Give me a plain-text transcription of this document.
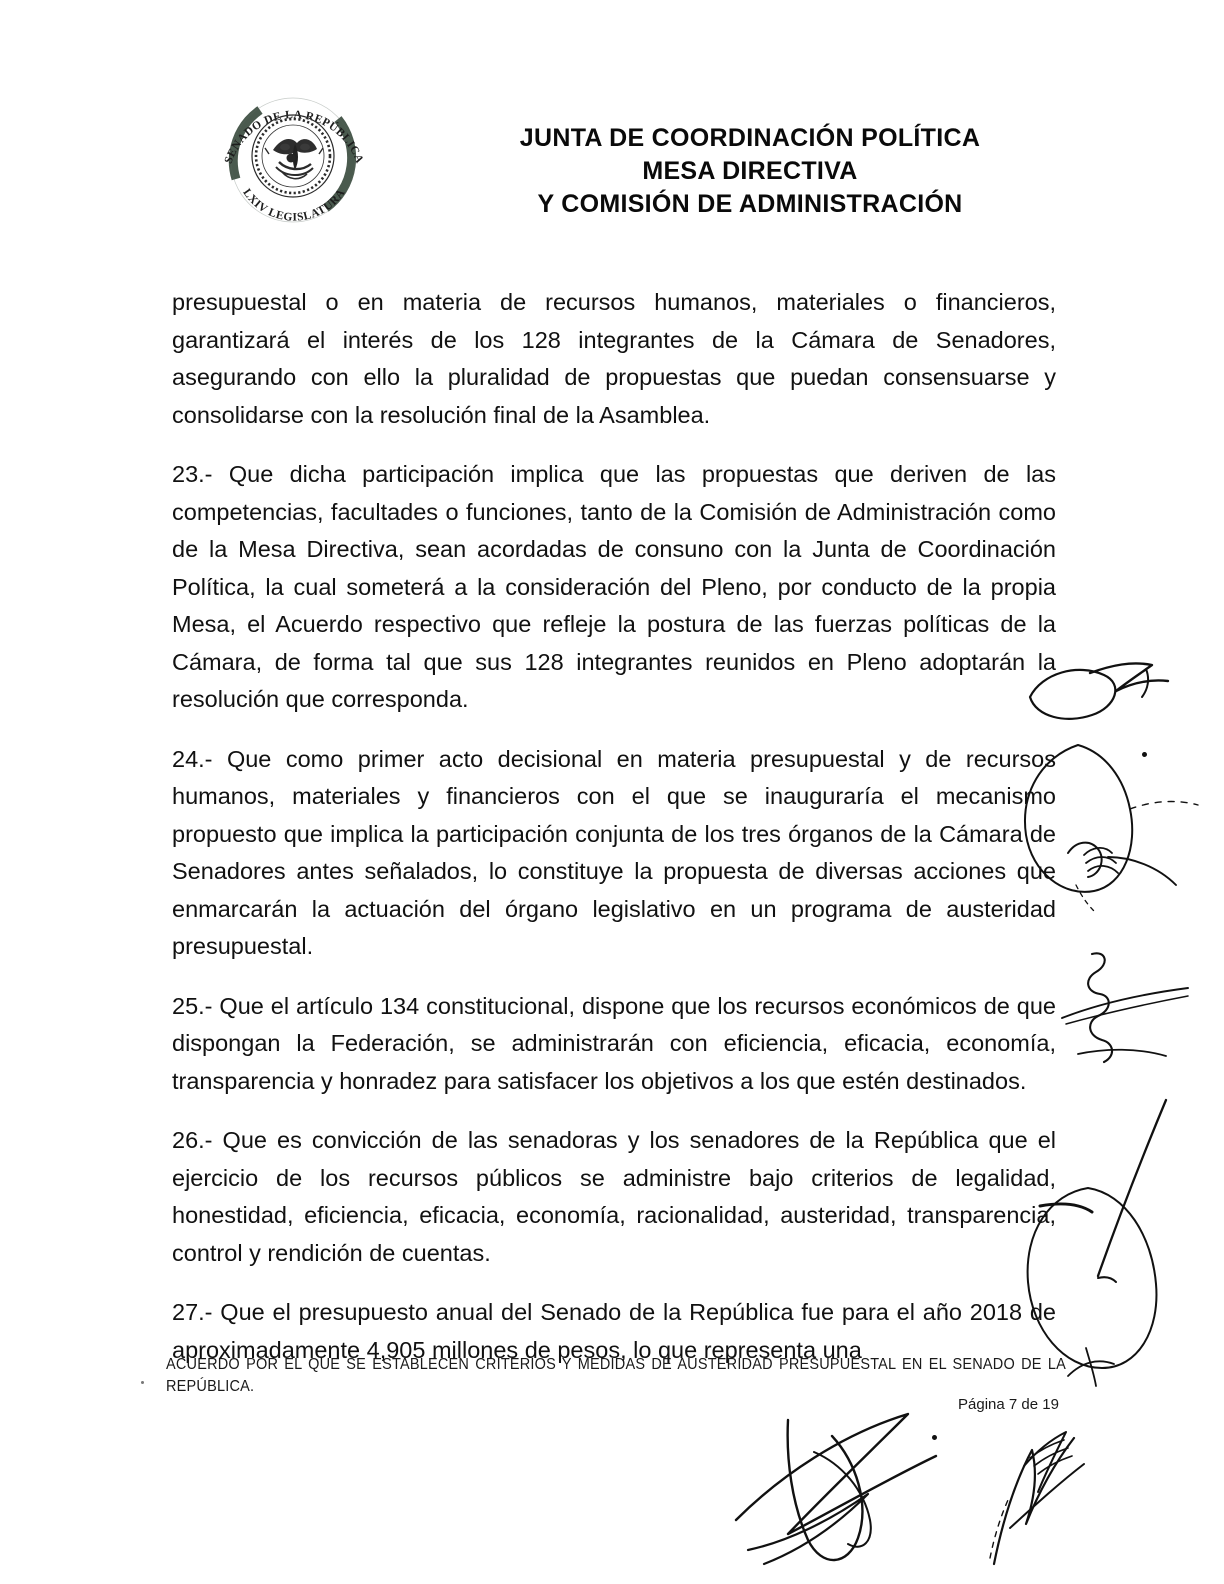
SENADO DE LA REPÚBLICA
LXIV LEGISLATURA
JUNTA DE COORDINACIÓN POLÍTICA
MESA DIRECTIVA
Y COMISIÓN DE ADMINISTRACIÓN

presupuestal o en materia de recursos humanos, materiales o financieros, garantizará el interés de los 128 integrantes de la Cámara de Senadores, asegurando con ello la pluralidad de propuestas que puedan consensuarse y consolidarse con la resolución final de la Asamblea.

23.- Que dicha participación implica que las propuestas que deriven de las competencias, facultades o funciones, tanto de la Comisión de Administración como de la Mesa Directiva, sean acordadas de consuno con la Junta de Coordinación Política, la cual someterá a la consideración del Pleno, por conducto de la propia Mesa, el Acuerdo respectivo que refleje la postura de las fuerzas políticas de la Cámara, de forma tal que sus 128 integrantes reunidos en Pleno adoptarán la resolución que corresponda.

24.- Que como primer acto decisional en materia presupuestal y de recursos humanos, materiales y financieros con el que se inauguraría el mecanismo propuesto que implica la participación conjunta de los tres órganos de la Cámara de Senadores antes señalados, lo constituye la propuesta de diversas acciones que enmarcarán la actuación del órgano legislativo en un programa de austeridad presupuestal.

25.- Que el artículo 134 constitucional, dispone que los recursos económicos de que dispongan la Federación, se administrarán con eficiencia, eficacia, economía, transparencia y honradez para satisfacer los objetivos a los que estén destinados.

26.- Que es convicción de las senadoras y los senadores de la República que el ejercicio de los recursos públicos se administre bajo criterios de legalidad, honestidad, eficiencia, eficacia, economía, racionalidad, austeridad, transparencia, control y rendición de cuentas.

27.- Que el presupuesto anual del Senado de la República fue para el año 2018 de aproximadamente 4,905 millones de pesos, lo que representa una

ACUERDO POR EL QUE SE ESTABLECEN CRITERIOS Y MEDIDAS DE AUSTERIDAD PRESUPUESTAL EN EL SENADO DE LA REPÚBLICA.

Página 7 de 19
